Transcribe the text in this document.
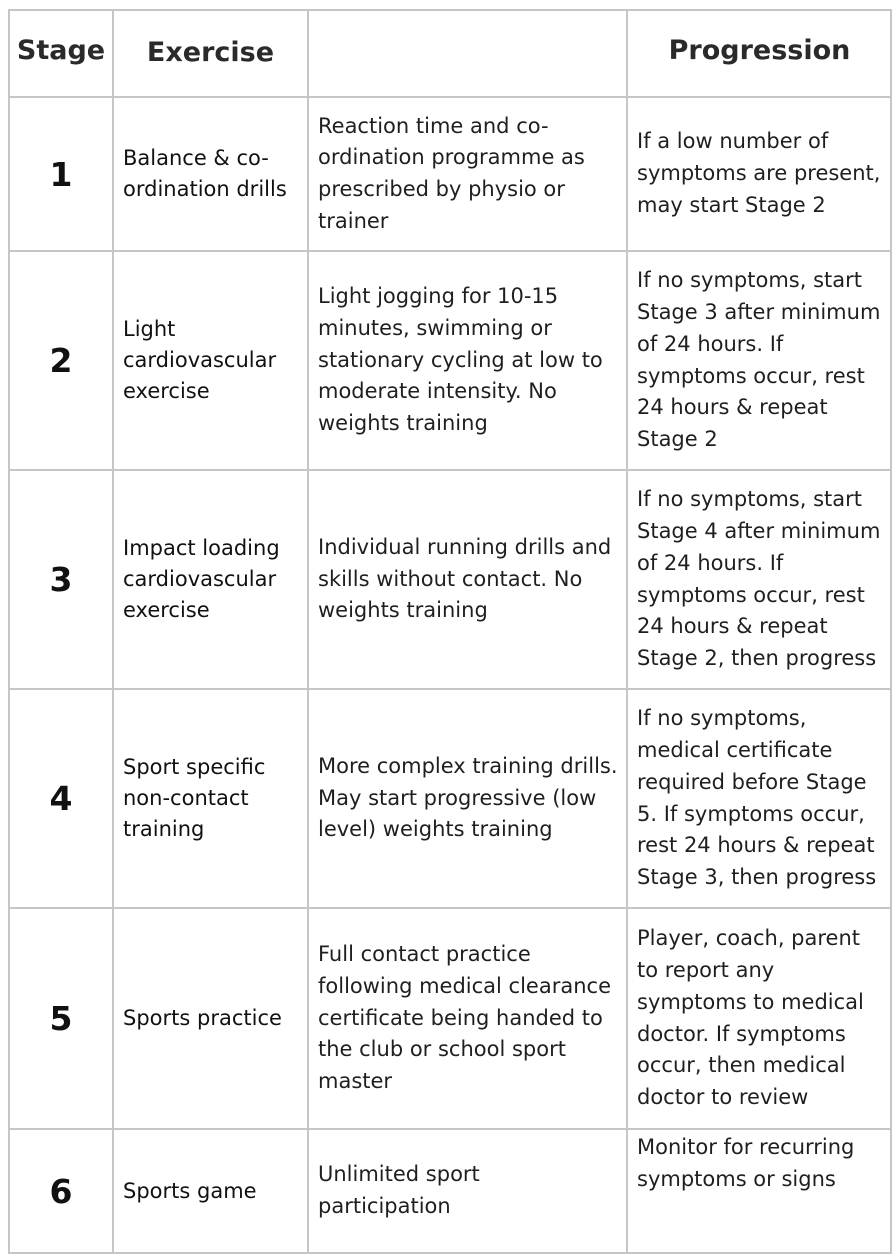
Stage	Exercise		Progression
1	Balance & co-ordination drills	Reaction time and co-ordination programme as prescribed by physio or trainer	If a low number of symptoms are present, may start Stage 2
2	Light cardiovascular exercise	Light jogging for 10-15 minutes, swimming or stationary cycling at low to moderate intensity. No weights training	If no symptoms, start Stage 3 after minimum of 24 hours. If symptoms occur, rest 24 hours & repeat Stage 2
3	Impact loading cardiovascular exercise	Individual running drills and skills without contact. No weights training	If no symptoms, start Stage 4 after minimum of 24 hours. If symptoms occur, rest 24 hours & repeat Stage 2, then progress
4	Sport specific non-contact training	More complex training drills. May start progressive (low level) weights training	If no symptoms, medical certificate required before Stage 5. If symptoms occur, rest 24 hours & repeat Stage 3, then progress
5	Sports practice	Full contact practice following medical clearance certificate being handed to the club or school sport master	Player, coach, parent to report any symptoms to medical doctor. If symptoms occur, then medical doctor to review
6	Sports game	Unlimited sport participation	Monitor for recurring symptoms or signs
